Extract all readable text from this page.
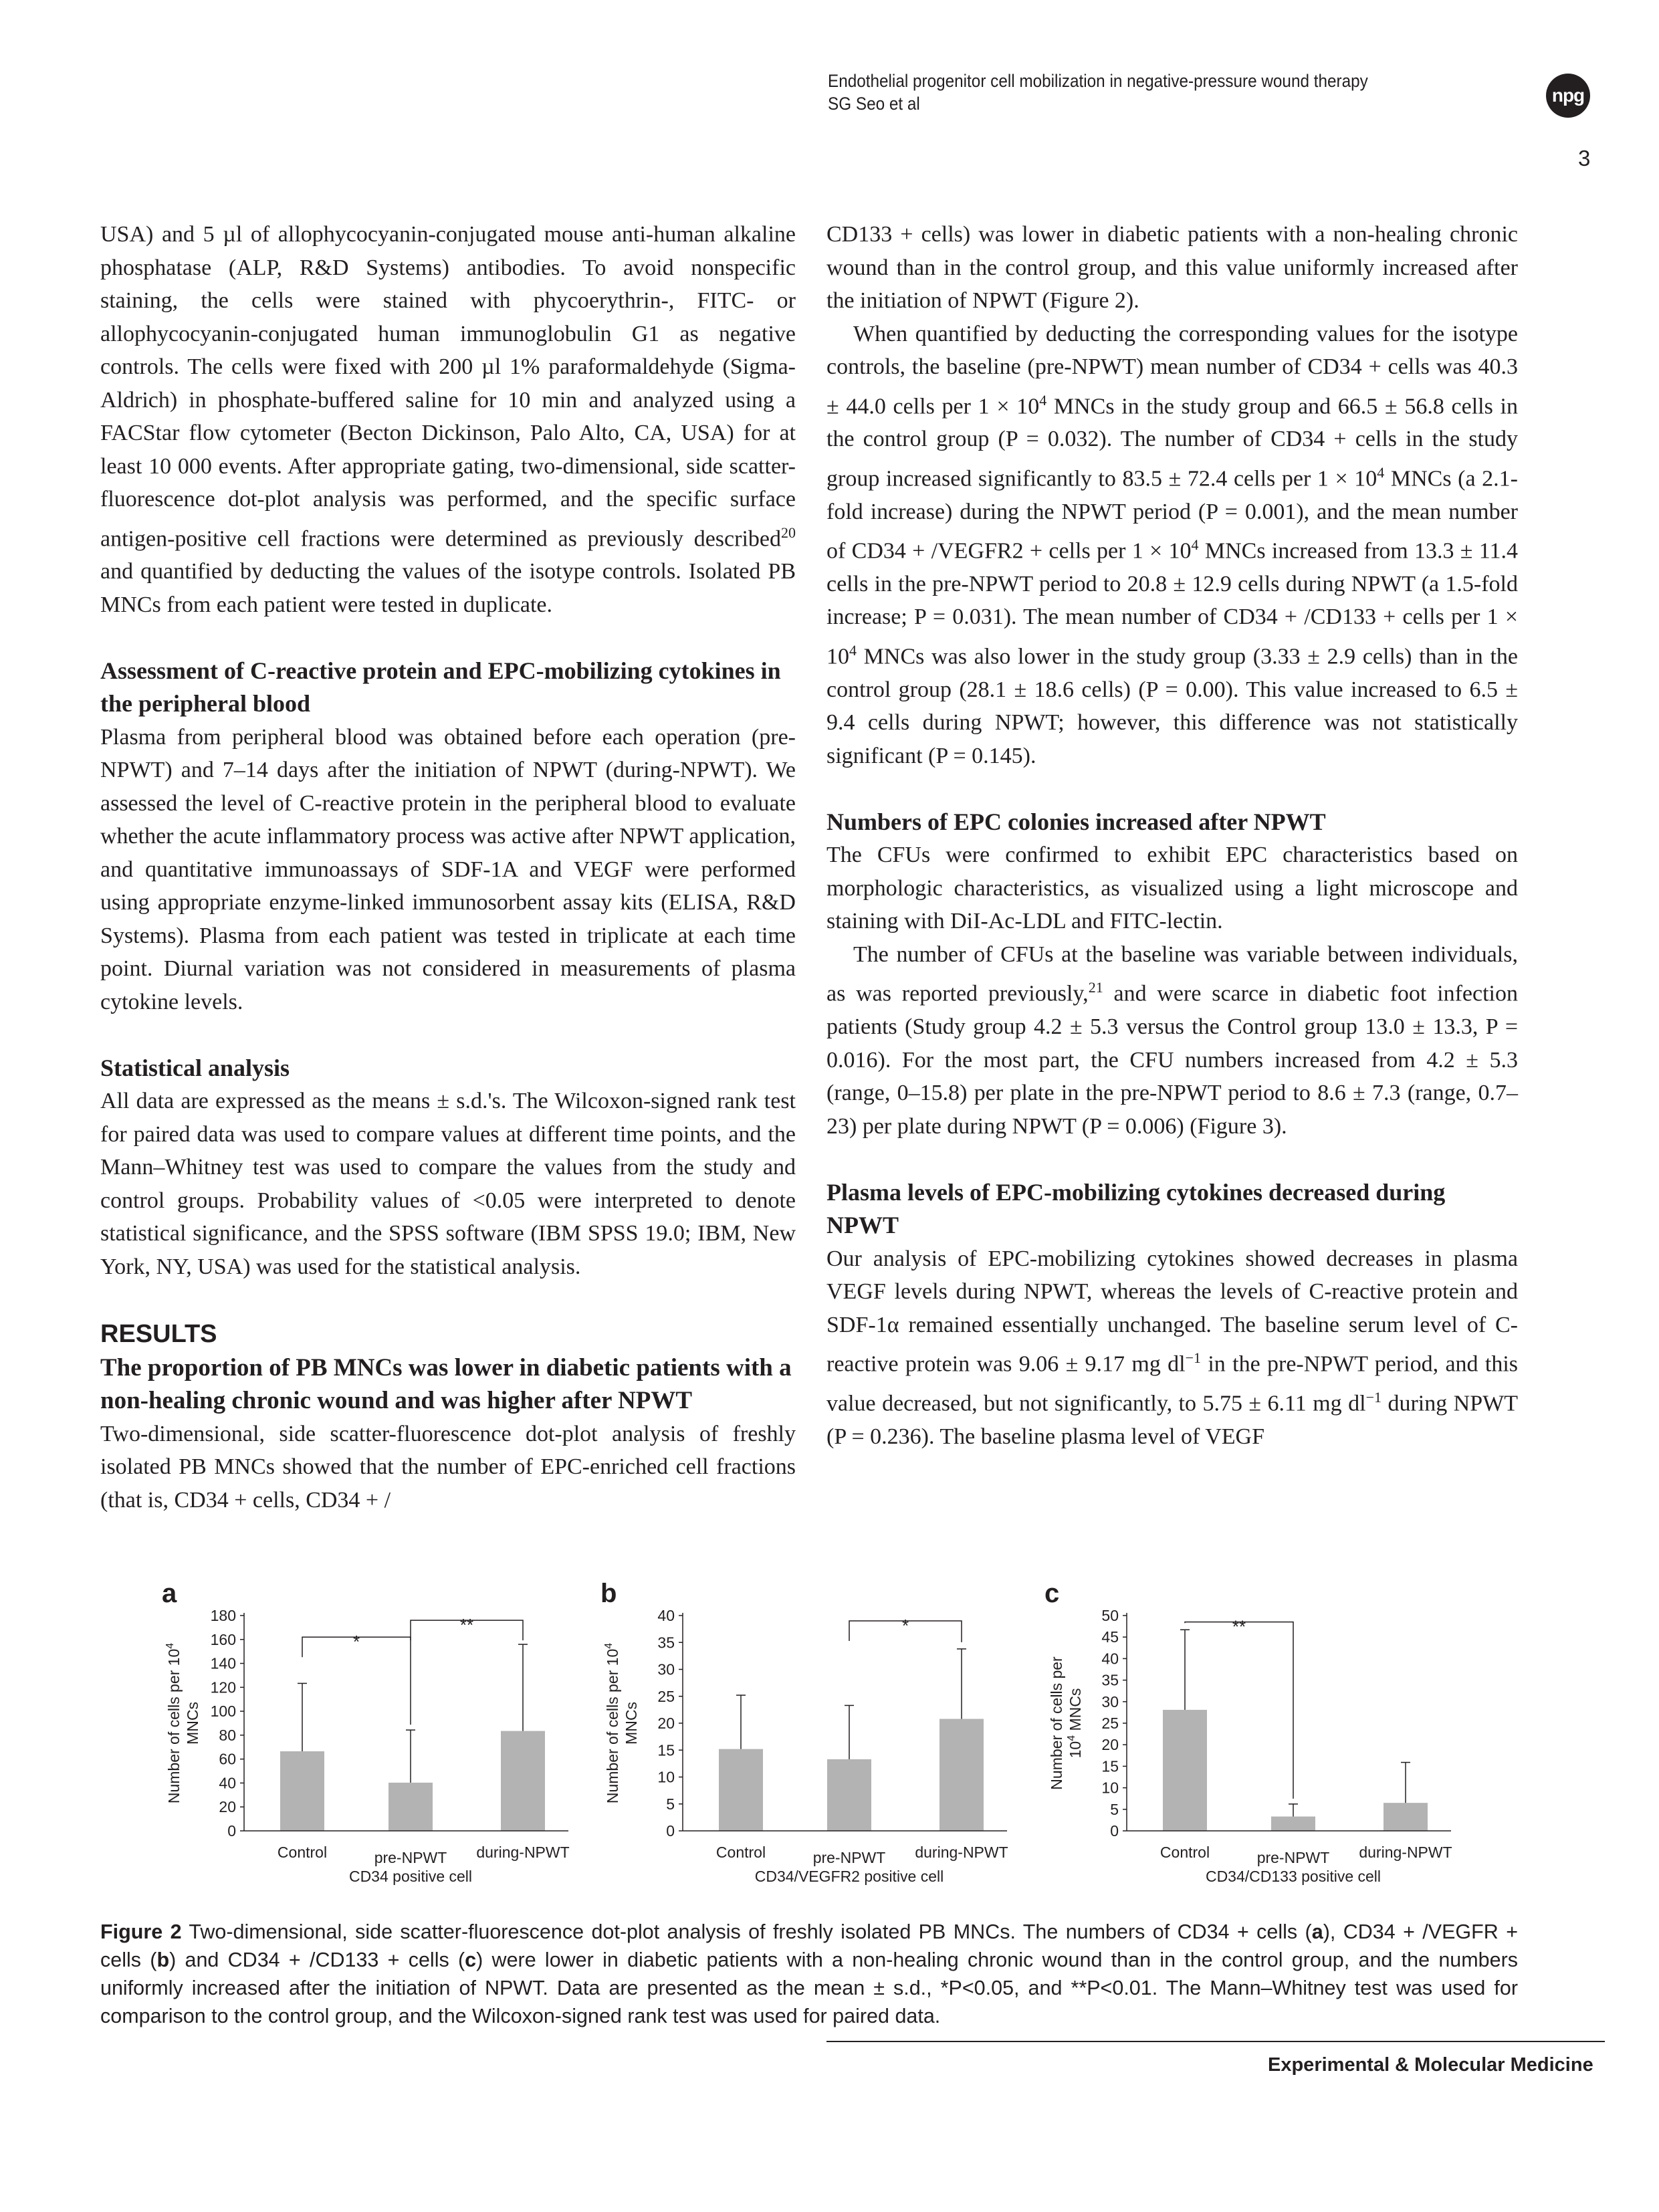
Endothelial progenitor cell mobilization in negative-pressure wound therapy
SG Seo et al	npg
3

USA) and 5 µl of allophycocyanin-conjugated mouse anti-human alkaline phosphatase (ALP, R&D Systems) antibodies. To avoid nonspecific staining, the cells were stained with phycoerythrin-, FITC- or allophycocyanin-conjugated human immunoglobulin G1 as negative controls. The cells were fixed with 200 µl 1% paraformaldehyde (Sigma-Aldrich) in phosphate-buffered saline for 10 min and analyzed using a FACStar flow cytometer (Becton Dickinson, Palo Alto, CA, USA) for at least 10 000 events. After appropriate gating, two-dimensional, side scatter-fluorescence dot-plot analysis was performed, and the specific surface antigen-positive cell fractions were determined as previously described$^{20}$ and quantified by deducting the values of the isotype controls. Isolated PB MNCs from each patient were tested in duplicate.

Assessment of C-reactive protein and EPC-mobilizing cytokines in the peripheral blood

Plasma from peripheral blood was obtained before each operation (pre-NPWT) and 7–14 days after the initiation of NPWT (during-NPWT). We assessed the level of C-reactive protein in the peripheral blood to evaluate whether the acute inflammatory process was active after NPWT application, and quantitative immunoassays of SDF-1A and VEGF were performed using appropriate enzyme-linked immunosorbent assay kits (ELISA, R&D Systems). Plasma from each patient was tested in triplicate at each time point. Diurnal variation was not considered in measurements of plasma cytokine levels.

Statistical analysis

All data are expressed as the means ± s.d.'s. The Wilcoxon-signed rank test for paired data was used to compare values at different time points, and the Mann–Whitney test was used to compare the values from the study and control groups. Probability values of <0.05 were interpreted to denote statistical significance, and the SPSS software (IBM SPSS 19.0; IBM, New York, NY, USA) was used for the statistical analysis.

RESULTS
The proportion of PB MNCs was lower in diabetic patients with a non-healing chronic wound and was higher after NPWT

Two-dimensional, side scatter-fluorescence dot-plot analysis of freshly isolated PB MNCs showed that the number of EPC-enriched cell fractions (that is, CD34 + cells, CD34 + /

CD133 + cells) was lower in diabetic patients with a non-healing chronic wound than in the control group, and this value uniformly increased after the initiation of NPWT (Figure 2).

When quantified by deducting the corresponding values for the isotype controls, the baseline (pre-NPWT) mean number of CD34 + cells was 40.3 ± 44.0 cells per $1 \times 10^4$ MNCs in the study group and 66.5 ± 56.8 cells in the control group (P = 0.032). The number of CD34 + cells in the study group increased significantly to 83.5 ± 72.4 cells per $1 \times 10^4$ MNCs (a 2.1-fold increase) during the NPWT period (P = 0.001), and the mean number of CD34 + /VEGFR2 + cells per $1 \times 10^4$ MNCs increased from 13.3 ± 11.4 cells in the pre-NPWT period to 20.8 ± 12.9 cells during NPWT (a 1.5-fold increase; P = 0.031). The mean number of CD34 + /CD133 + cells per $1 \times 10^4$ MNCs was also lower in the study group (3.33 ± 2.9 cells) than in the control group (28.1 ± 18.6 cells) (P = 0.00). This value increased to 6.5 ± 9.4 cells during NPWT; however, this difference was not statistically significant (P = 0.145).

Numbers of EPC colonies increased after NPWT

The CFUs were confirmed to exhibit EPC characteristics based on morphologic characteristics, as visualized using a light microscope and staining with DiI-Ac-LDL and FITC-lectin.

The number of CFUs at the baseline was variable between individuals, as was reported previously,$^{21}$ and were scarce in diabetic foot infection patients (Study group 4.2 ± 5.3 versus the Control group 13.0 ± 13.3, P = 0.016). For the most part, the CFU numbers increased from 4.2 ± 5.3 (range, 0–15.8) per plate in the pre-NPWT period to 8.6 ± 7.3 (range, 0.7–23) per plate during NPWT (P = 0.006) (Figure 3).

Plasma levels of EPC-mobilizing cytokines decreased during NPWT

Our analysis of EPC-mobilizing cytokines showed decreases in plasma VEGF levels during NPWT, whereas the levels of C-reactive protein and SDF-1α remained essentially unchanged. The baseline serum level of C-reactive protein was 9.06 ± 9.17 mg $dl^{-1}$ in the pre-NPWT period, and this value decreased, but not significantly, to 5.75 ± 6.11 mg $dl^{-1}$ during NPWT (P = 0.236). The baseline plasma level of VEGF

a
0
20
40
60
80
100
120
140
160
180
Number of cells per $10^4$
MNCs
Control	pre-NPWT during-NPWT
CD34 positive cell
*
**
b
0
5
10
15
20
25
30
35
40
Number of cells per $10^4$
MNCs
Control	pre-NPWT during-NPWT
CD34/VEGFR2 positive cell
*
c
0
5
10
15
20
25
30
35
40
45
50
Number of cells per $10^4$ MNCs
Control	pre-NPWT during-NPWT
CD34/CD133 positive cell
**
Figure 2 Two-dimensional, side scatter-fluorescence dot-plot analysis of freshly isolated PB MNCs. The numbers of CD34 + cells (a), CD34 + /VEGFR + cells (b) and CD34 + /CD133 + cells (c) were lower in diabetic patients with a non-healing chronic wound than in the control group, and the numbers uniformly increased after the initiation of NPWT. Data are presented as the mean ± s.d., *P<0.05, and **P<0.01. The Mann–Whitney test was used for comparison to the control group, and the Wilcoxon-signed rank test was used for paired data.
Experimental & Molecular Medicine
